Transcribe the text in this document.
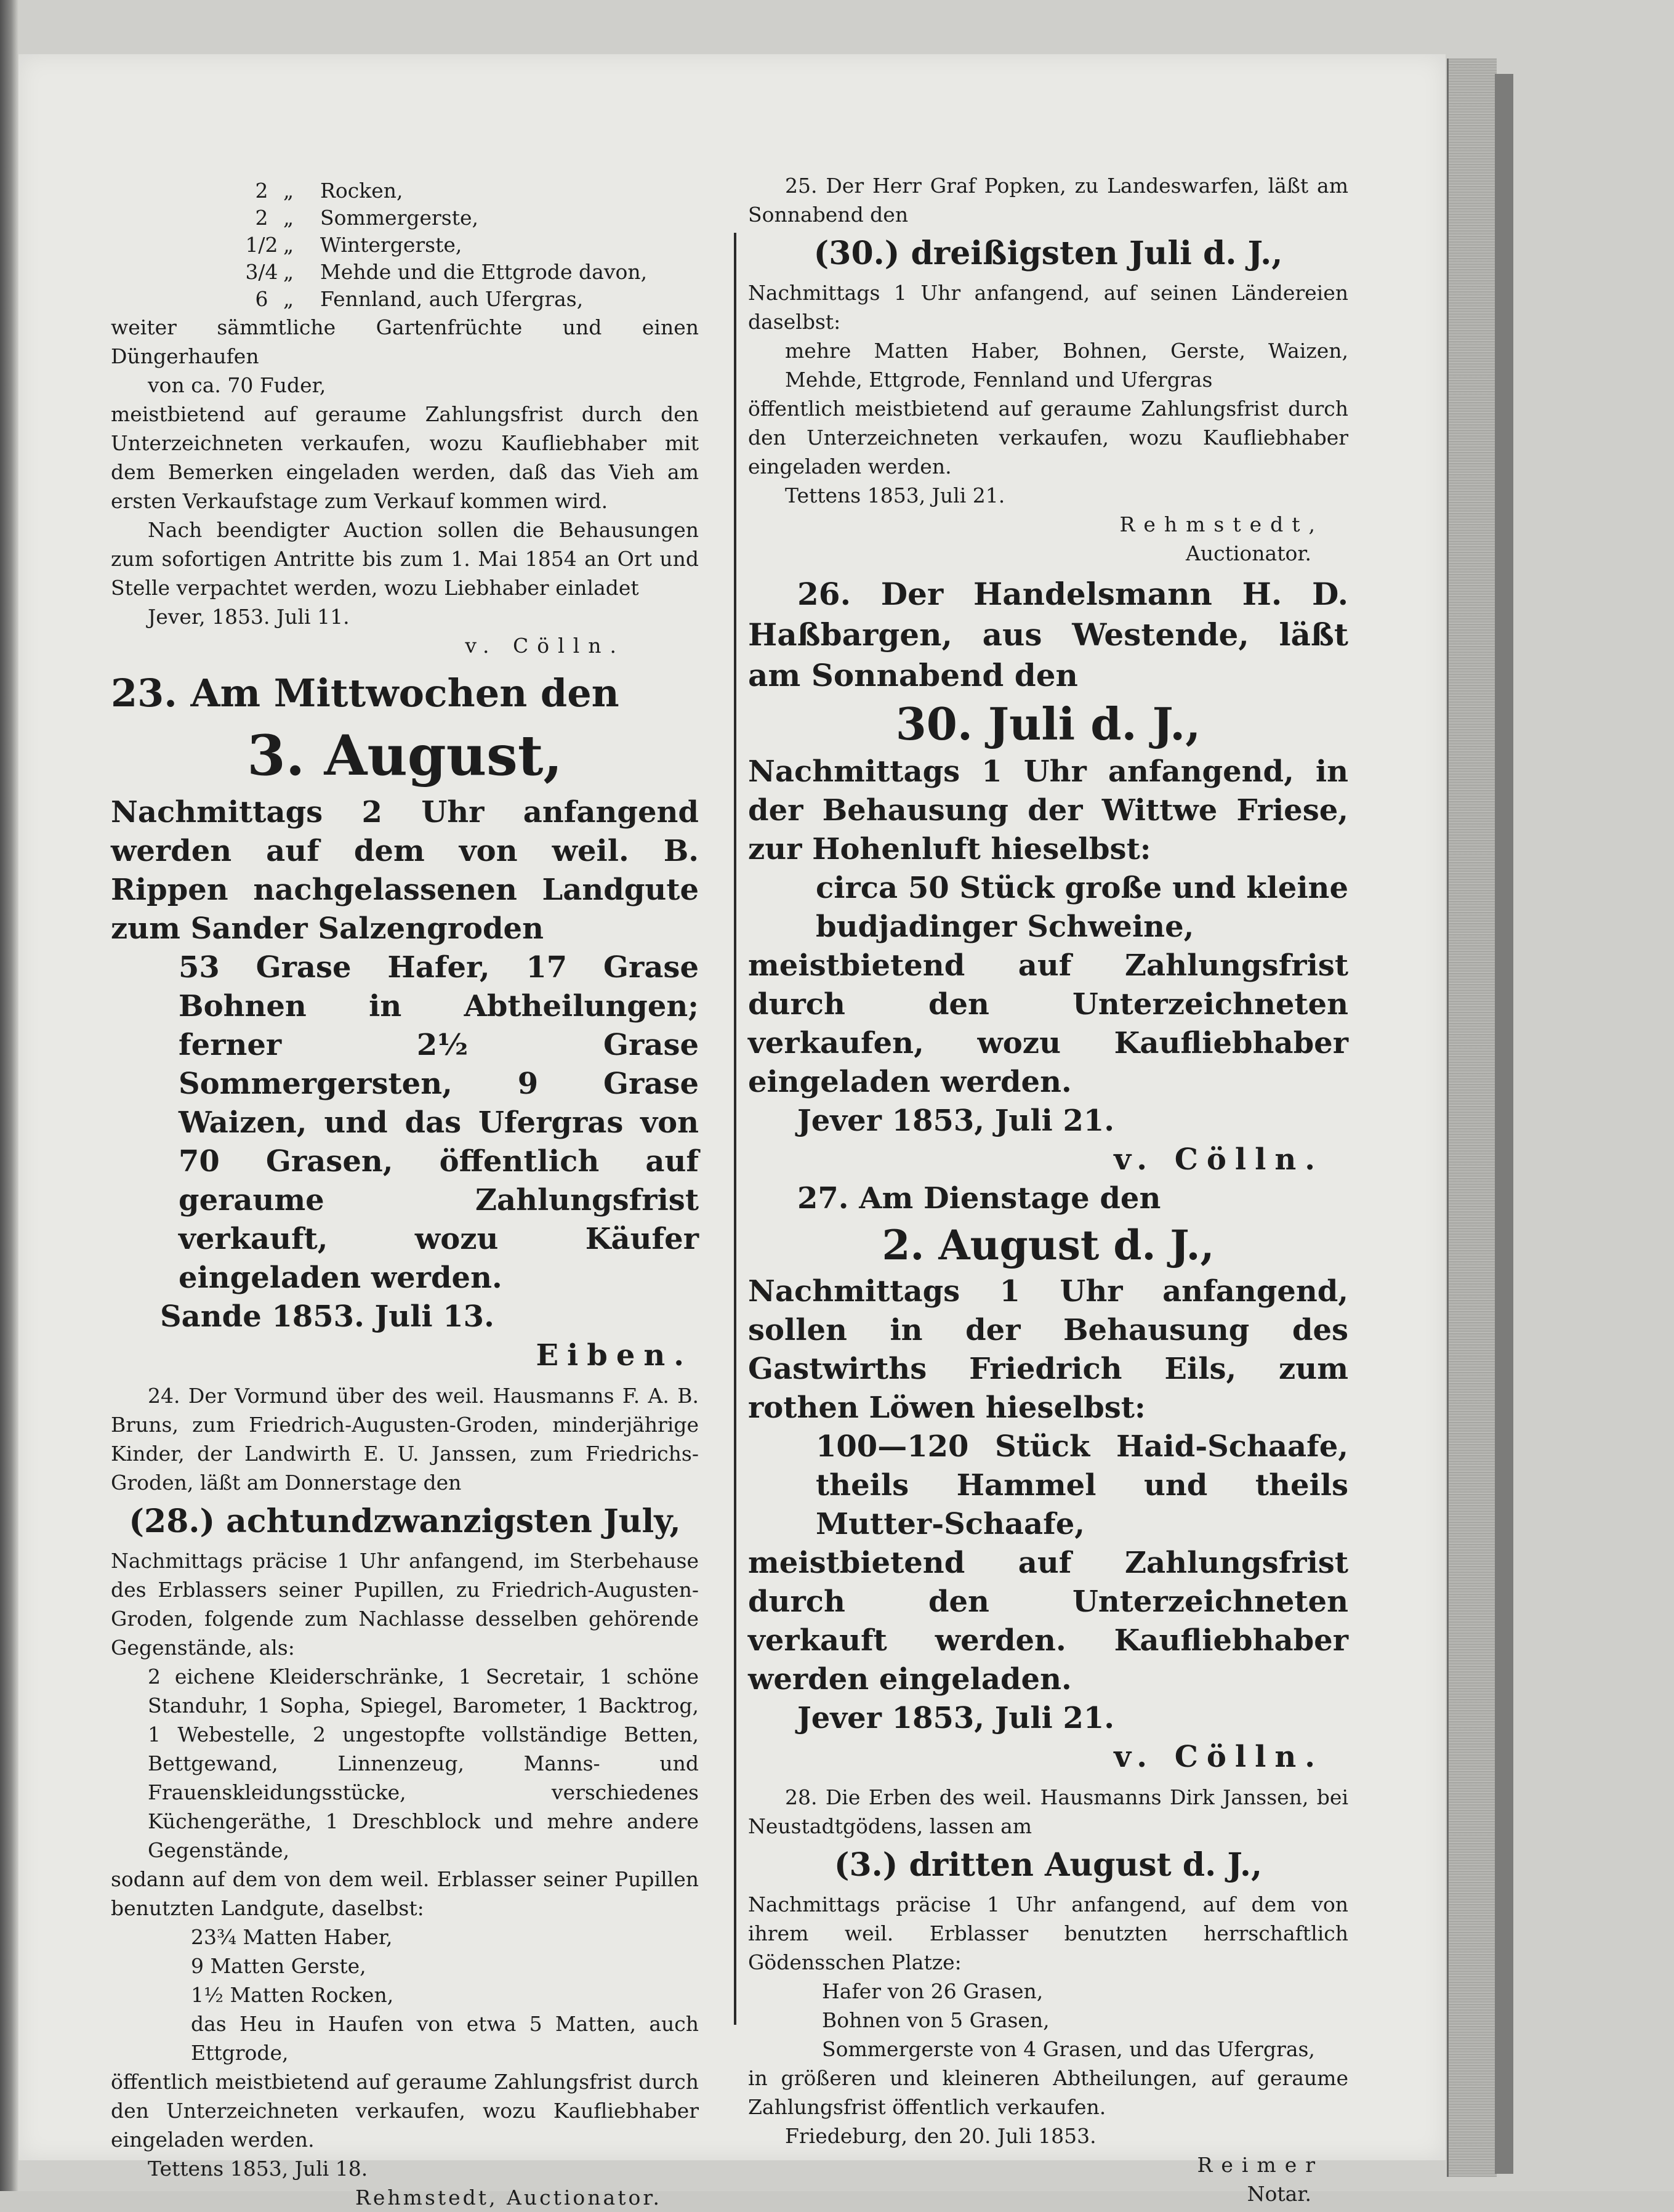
2 „ Rocken,

2 „ Sommergerste,

1/2 „ Wintergerste,

3/4 „ Mehde und die Ettgrode davon,

6 „ Fennland, auch Ufergras,

weiter sämmtliche Gartenfrüchte und einen Düngerhaufen

von ca. 70 Fuder,

meistbietend auf geraume Zahlungsfrist durch den Unterzeichneten verkaufen, wozu Kaufliebhaber mit dem Bemerken eingeladen werden, daß das Vieh am ersten Verkaufstage zum Verkauf kommen wird.

Nach beendigter Auction sollen die Behausungen zum sofortigen Antritte bis zum 1. Mai 1854 an Ort und Stelle verpachtet werden, wozu Liebhaber einladet

Jever, 1853. Juli 11.

v. Cölln.

23. Am Mittwochen den

3. August,

Nachmittags 2 Uhr anfangend werden auf dem von weil. B. Rippen nachgelassenen Landgute zum Sander Salzengroden

53 Grase Hafer, 17 Grase Bohnen in Abtheilungen; ferner 2½ Grase Sommergersten, 9 Grase Waizen, und das Ufergras von 70 Grasen, öffentlich auf geraume Zahlungsfrist verkauft, wozu Käufer eingeladen werden.

Sande 1853. Juli 13.

Eiben.

24. Der Vormund über des weil. Hausmanns F. A. B. Bruns, zum Friedrich-Augusten-Groden, minderjährige Kinder, der Landwirth E. U. Janssen, zum Friedrichs-Groden, läßt am Donnerstage den

(28.) achtundzwanzigsten July,

Nachmittags präcise 1 Uhr anfangend, im Sterbehause des Erblassers seiner Pupillen, zu Friedrich-Augusten-Groden, folgende zum Nachlasse desselben gehörende Gegenstände, als:

2 eichene Kleiderschränke, 1 Secretair, 1 schöne Standuhr, 1 Sopha, Spiegel, Barometer, 1 Backtrog, 1 Webestelle, 2 ungestopfte vollständige Betten, Bettgewand, Linnenzeug, Manns- und Frauenskleidungsstücke, verschiedenes Küchengeräthe, 1 Dreschblock und mehre andere Gegenstände,

sodann auf dem von dem weil. Erblasser seiner Pupillen benutzten Landgute, daselbst:

23¾ Matten Haber,

9 Matten Gerste,

1½ Matten Rocken,

das Heu in Haufen von etwa 5 Matten, auch Ettgrode,

öffentlich meistbietend auf geraume Zahlungsfrist durch den Unterzeichneten verkaufen, wozu Kaufliebhaber eingeladen werden.

Tettens 1853, Juli 18.

Rehmstedt, Auctionator.

25. Der Herr Graf Popken, zu Landeswarfen, läßt am Sonnabend den

(30.) dreißigsten Juli d. J.,

Nachmittags 1 Uhr anfangend, auf seinen Ländereien daselbst:

mehre Matten Haber, Bohnen, Gerste, Waizen, Mehde, Ettgrode, Fennland und Ufergras

öffentlich meistbietend auf geraume Zahlungsfrist durch den Unterzeichneten verkaufen, wozu Kaufliebhaber eingeladen werden.

Tettens 1853, Juli 21.

Rehmstedt,

Auctionator.

26. Der Handelsmann H. D. Haßbargen, aus Westende, läßt am Sonnabend den

30. Juli d. J.,

Nachmittags 1 Uhr anfangend, in der Behausung der Wittwe Friese, zur Hohenluft hieselbst:

circa 50 Stück große und kleine budjadinger Schweine,

meistbietend auf Zahlungsfrist durch den Unterzeichneten verkaufen, wozu Kaufliebhaber eingeladen werden.

Jever 1853, Juli 21.

v. Cölln.

27. Am Dienstage den

2. August d. J.,

Nachmittags 1 Uhr anfangend, sollen in der Behausung des Gastwirths Friedrich Eils, zum rothen Löwen hieselbst:

100—120 Stück Haid-Schaafe, theils Hammel und theils Mutter-Schaafe,

meistbietend auf Zahlungsfrist durch den Unterzeichneten verkauft werden. Kaufliebhaber werden eingeladen.

Jever 1853, Juli 21.

v. Cölln.

28. Die Erben des weil. Hausmanns Dirk Janssen, bei Neustadtgödens, lassen am

(3.) dritten August d. J.,

Nachmittags präcise 1 Uhr anfangend, auf dem von ihrem weil. Erblasser benutzten herrschaftlich Gödensschen Platze:

Hafer von 26 Grasen,

Bohnen von 5 Grasen,

Sommergerste von 4 Grasen, und das Ufergras,

in größeren und kleineren Abtheilungen, auf geraume Zahlungsfrist öffentlich verkaufen.

Friedeburg, den 20. Juli 1853.

Reimer

Notar.
